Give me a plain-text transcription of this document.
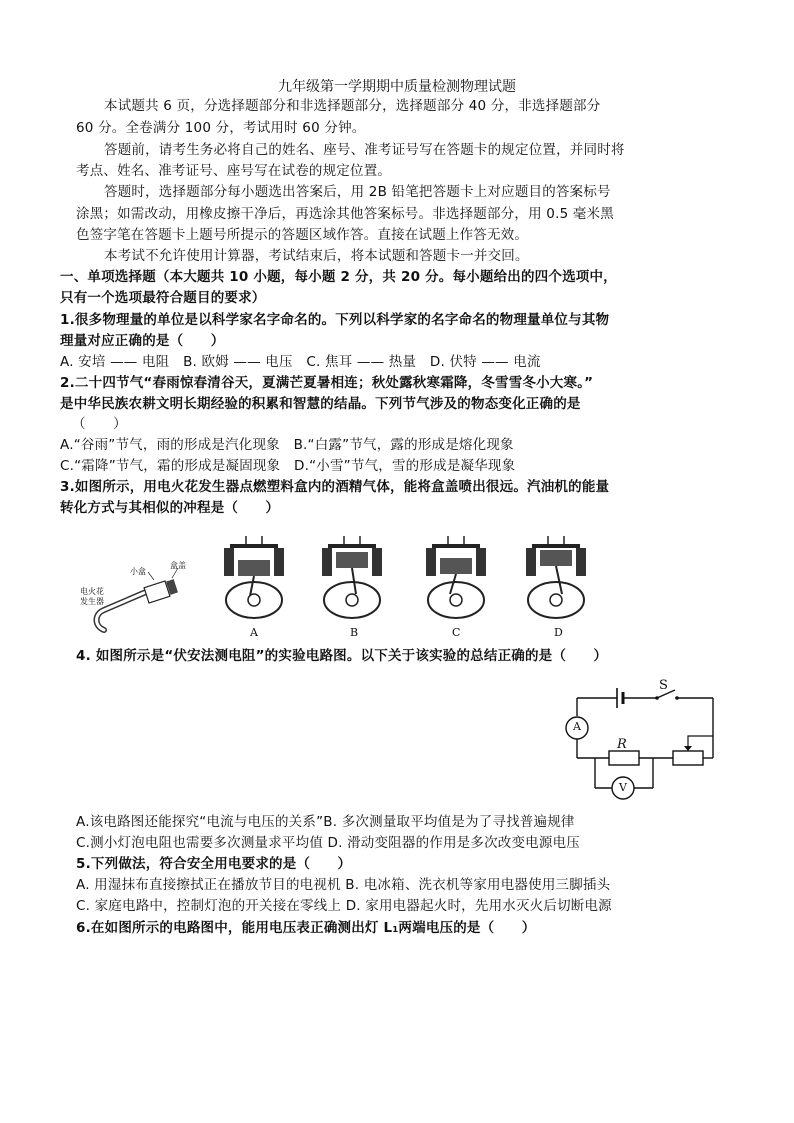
九年级第一学期期中质量检测物理试题
本试题共 6 页，分选择题部分和非选择题部分，选择题部分 40 分，非选择题部分
60 分。全卷满分 100 分，考试用时 60 分钟。
答题前，请考生务必将自己的姓名、座号、准考证号写在答题卡的规定位置，并同时将
考点、姓名、准考证号、座号写在试卷的规定位置。
答题时，选择题部分每小题选出答案后，用 2B 铅笔把答题卡上对应题目的答案标号
涂黑；如需改动，用橡皮擦干净后，再选涂其他答案标号。非选择题部分，用 0.5 毫米黑
色签字笔在答题卡上题号所提示的答题区域作答。直接在试题上作答无效。
本考试不允许使用计算器，考试结束后，将本试题和答题卡一并交回。
一、单项选择题（本大题共 10 小题，每小题 2 分，共 20 分。每小题给出的四个选项中，
只有一个选项最符合题目的要求）
1.很多物理量的单位是以科学家名字命名的。下列以科学家的名字命名的物理量单位与其物
理量对应正确的是（　　）
A. 安培 —— 电阻　B. 欧姆 —— 电压　C. 焦耳 —— 热量　D. 伏特 —— 电流
2.二十四节气“春雨惊春清谷天，夏满芒夏暑相连；秋处露秋寒霜降，冬雪雪冬小大寒。”
是中华民族农耕文明长期经验的积累和智慧的结晶。下列节气涉及的物态变化正确的是
（　　）
A.“谷雨”节气，雨的形成是汽化现象　B.“白露”节气，露的形成是熔化现象
C.“霜降”节气，霜的形成是凝固现象　D.“小雪”节气，雪的形成是凝华现象
3.如图所示，用电火花发生器点燃塑料盒内的酒精气体，能将盒盖喷出很远。汽油机的能量
转化方式与其相似的冲程是（　　）
小盒
盒盖
电火花
发生器
A	B	C	D
4. 如图所示是“伏安法测电阻”的实验电路图。以下关于该实验的总结正确的是（　　）
S
A
R
V
A.该电路图还能探究“电流与电压的关系”B. 多次测量取平均值是为了寻找普遍规律
C.测小灯泡电阻也需要多次测量求平均值 D. 滑动变阻器的作用是多次改变电源电压
5.下列做法，符合安全用电要求的是（　　）
A. 用湿抹布直接擦拭正在播放节目的电视机 B. 电冰箱、洗衣机等家用电器使用三脚插头
C. 家庭电路中，控制灯泡的开关接在零线上 D. 家用电器起火时，先用水灭火后切断电源
6.在如图所示的电路图中，能用电压表正确测出灯 L₁两端电压的是（　　）
